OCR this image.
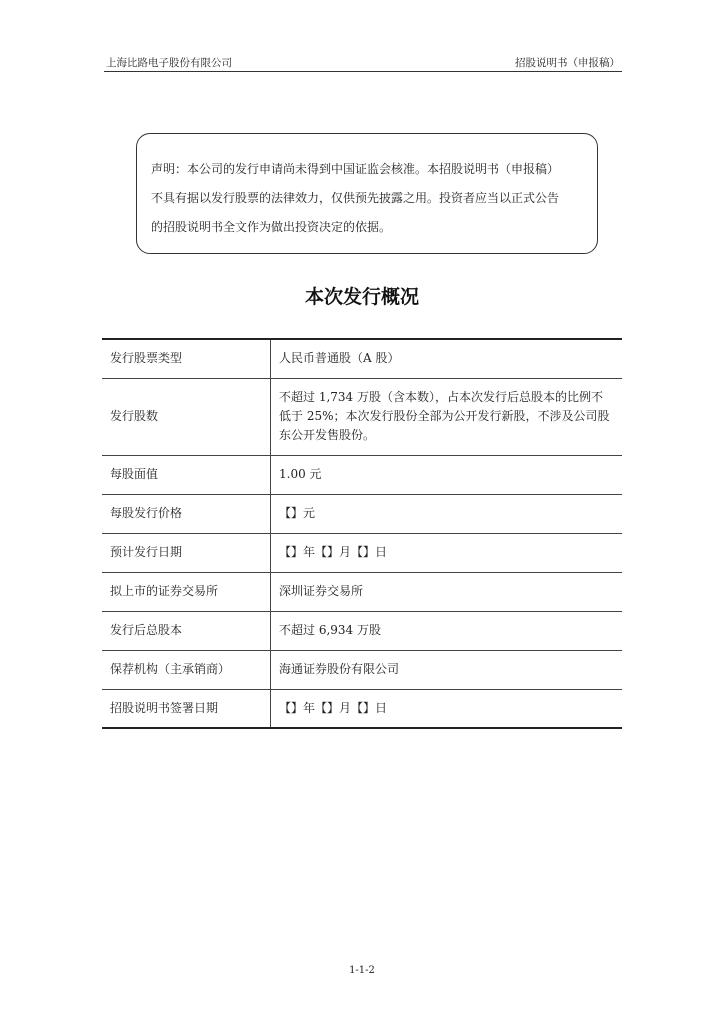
上海比路电子股份有限公司	招股说明书（申报稿）
声明：本公司的发行申请尚未得到中国证监会核准。本招股说明书（申报稿）
不具有据以发行股票的法律效力，仅供预先披露之用。投资者应当以正式公告
的招股说明书全文作为做出投资决定的依据。
本次发行概况
发行股票类型	人民币普通股（A 股）
发行股数	不超过 1,734 万股（含本数），占本次发行后总股本的比例不低于 25%；本次发行股份全部为公开发行新股，不涉及公司股东公开发售股份。
每股面值	1.00 元
每股发行价格	【】元
预计发行日期	【】年【】月【】日
拟上市的证券交易所	深圳证券交易所
发行后总股本	不超过 6,934 万股
保荐机构（主承销商）	海通证券股份有限公司
招股说明书签署日期	【】年【】月【】日
1-1-2
